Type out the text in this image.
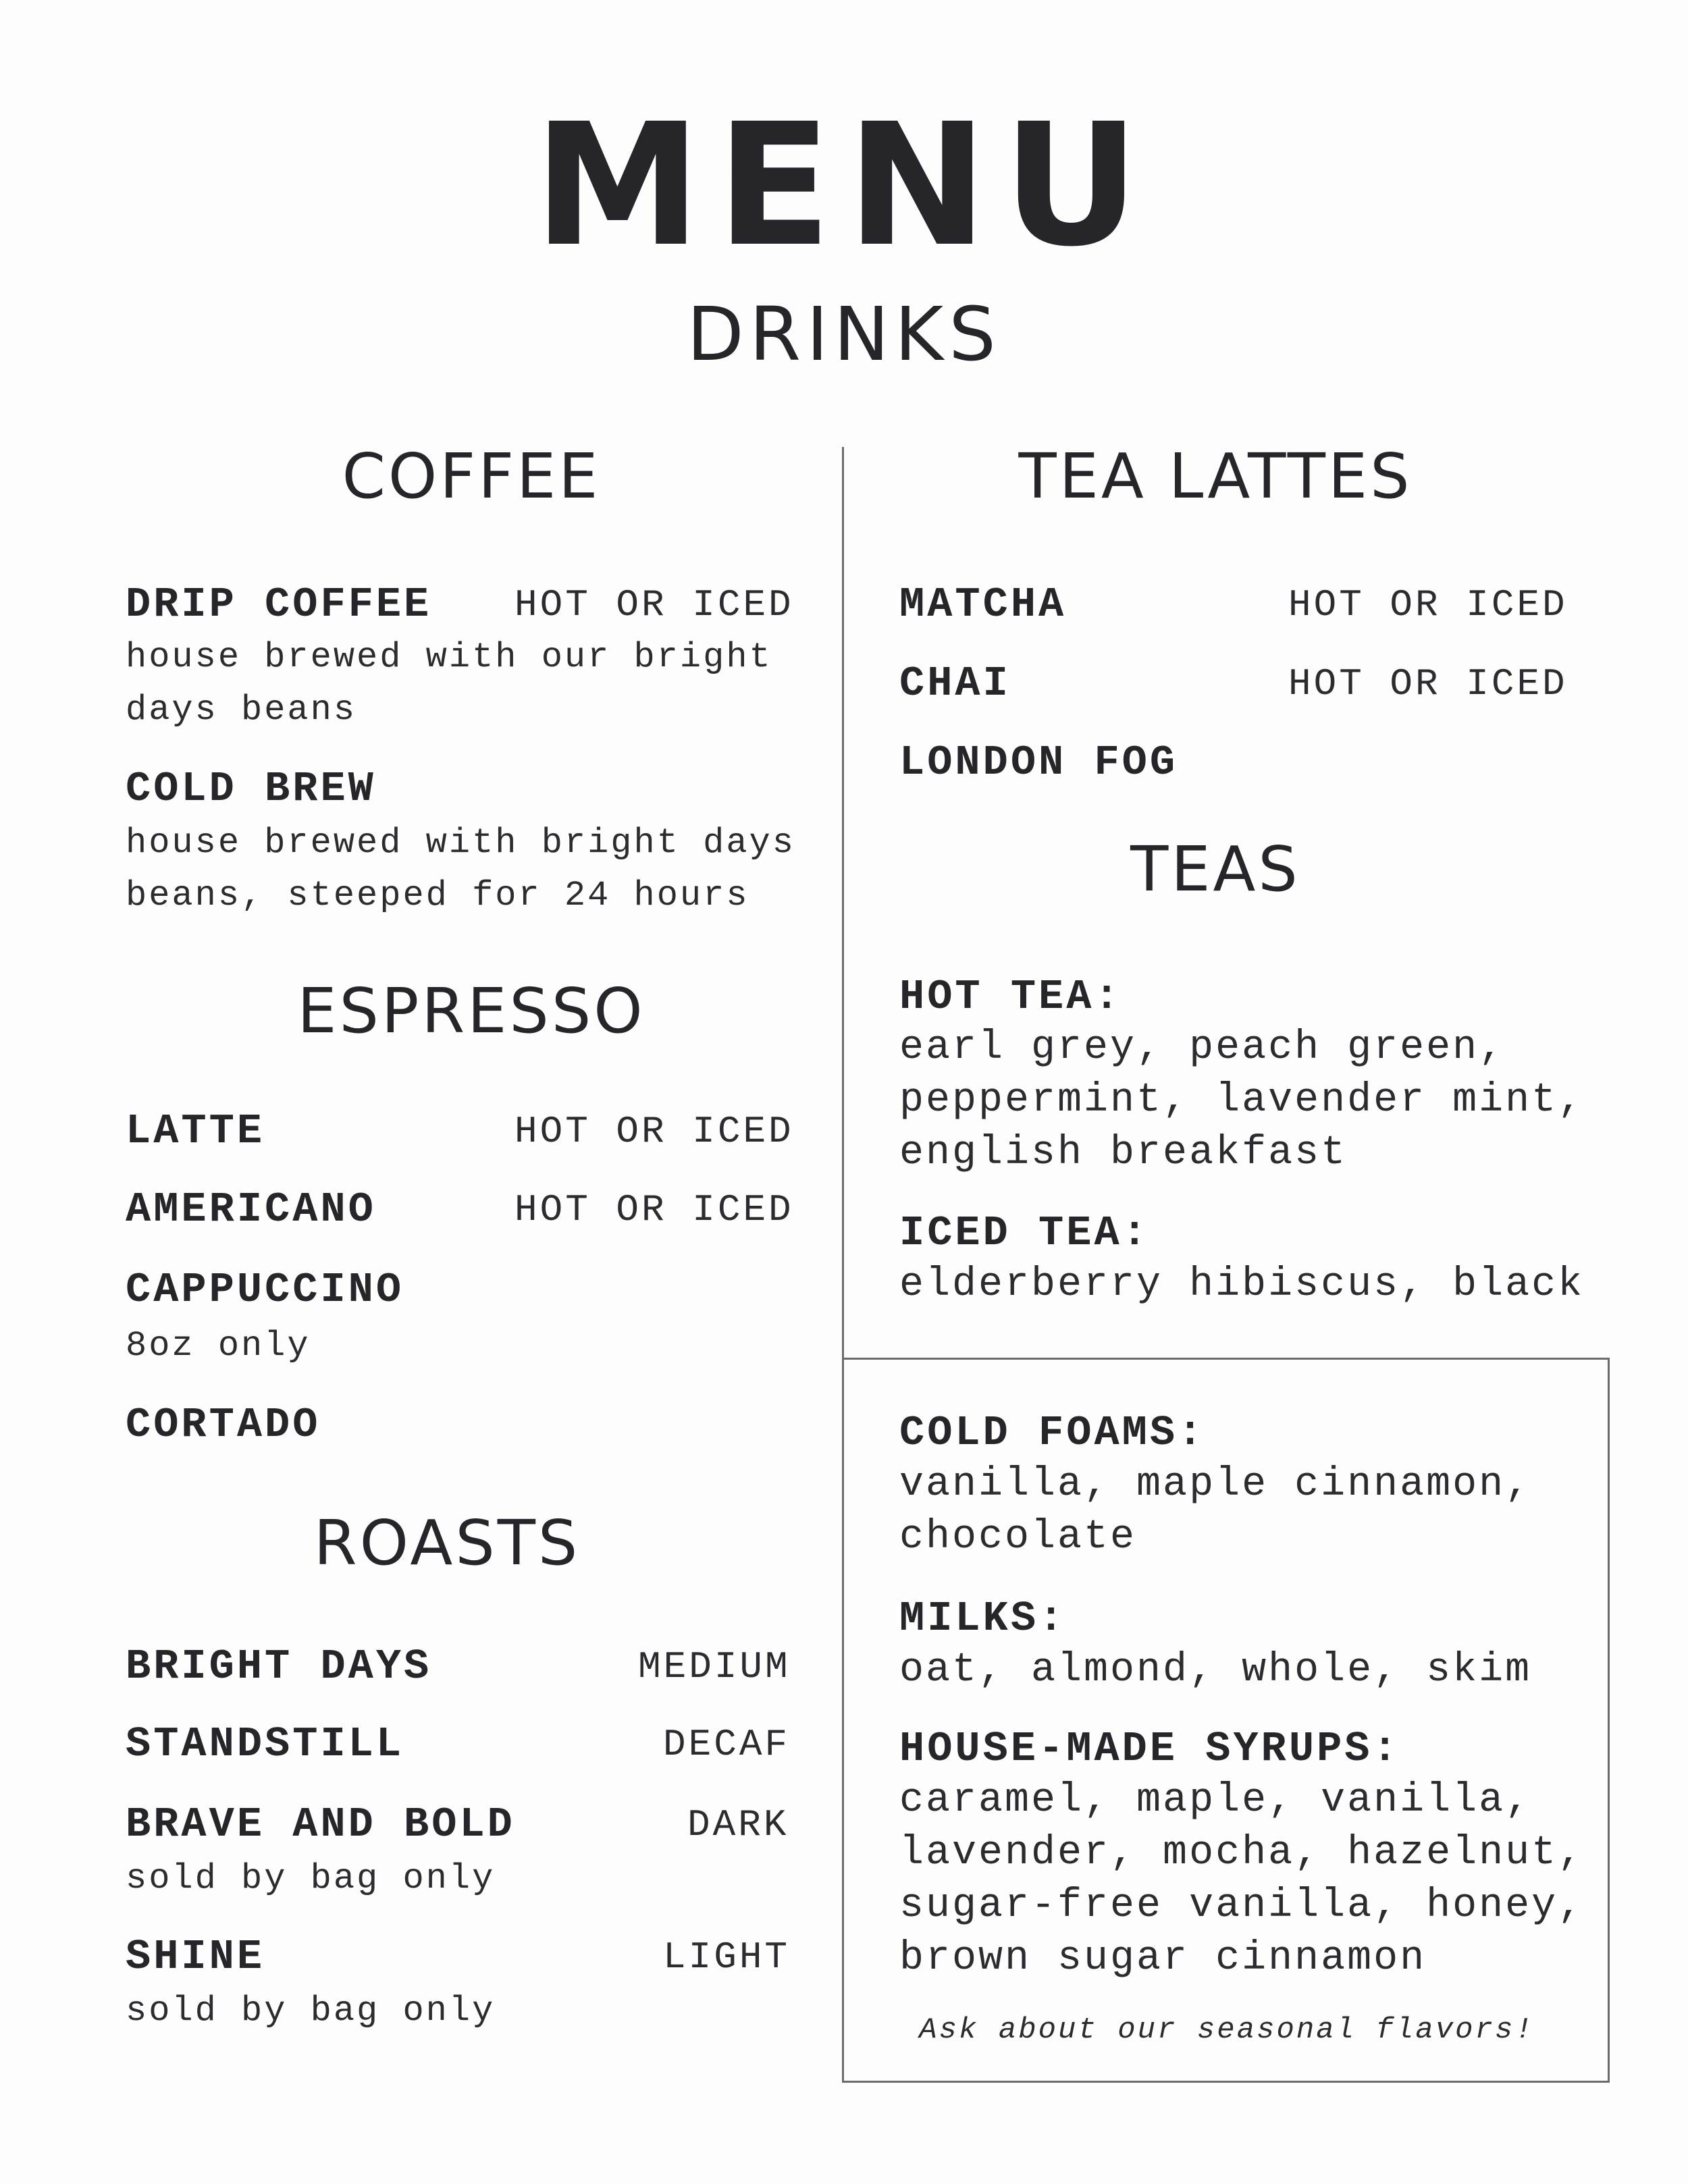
MENU
DRINKS
COFFEE
DRIP COFFEE HOT OR ICED
house brewed with our bright
days beans
COLD BREW
house brewed with bright days
beans, steeped for 24 hours
ESPRESSO
LATTE	HOT OR ICED
AMERICANO	HOT OR ICED
CAPPUCCINO
8oz only
CORTADO
ROASTS
BRIGHT DAYS	MEDIUM
STANDSTILL	DECAF
BRAVE AND BOLD	DARK
sold by bag only
SHINE	LIGHT
sold by bag only
TEA LATTES
MATCHA	HOT OR ICED
CHAI	HOT OR ICED
LONDON FOG
TEAS
HOT TEA:
earl grey, peach green,
peppermint, lavender mint,
english breakfast
ICED TEA:
elderberry hibiscus, black
COLD FOAMS:
vanilla, maple cinnamon,
chocolate
MILKS:
oat, almond, whole, skim
HOUSE-MADE SYRUPS:
caramel, maple, vanilla,
lavender, mocha, hazelnut,
sugar-free vanilla, honey,
brown sugar cinnamon
Ask about our seasonal flavors!
